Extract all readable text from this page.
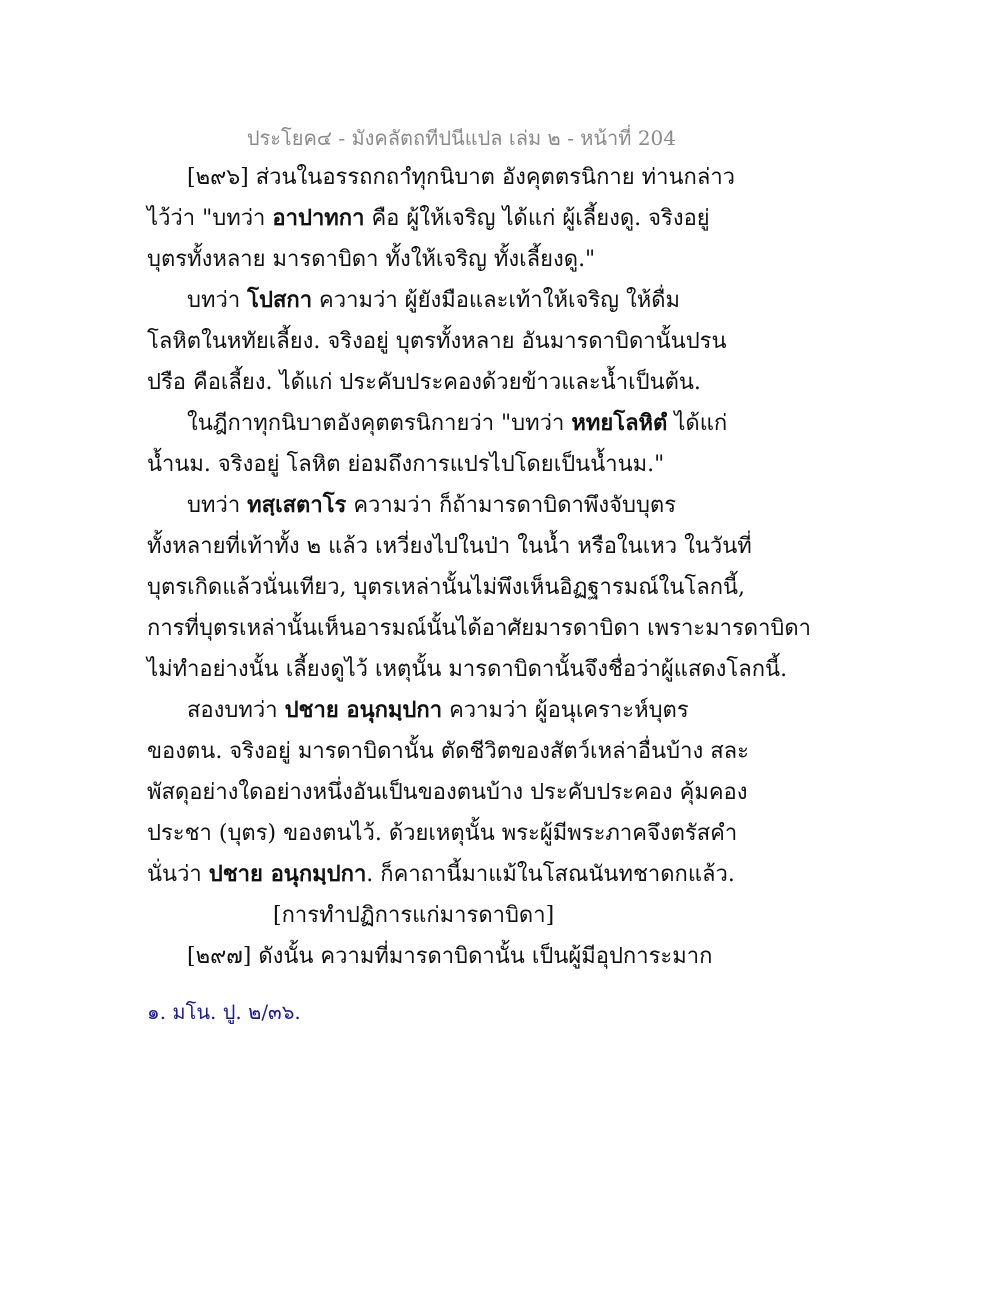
ประโยค๔ - มังคลัตถทีปนีแปล เล่ม ๒ - หน้าที่ 204
[๒๙๖] ส่วนในอรรถกถาํทุกนิบาต อังคุตตรนิกาย ท่านกล่าว
ไว้ว่า "บทว่า อาปาทกา คือ ผู้ให้เจริญ ได้แก่ ผู้เลี้ยงดู. จริงอยู่
บุตรทั้งหลาย มารดาบิดา ทั้งให้เจริญ ทั้งเลี้ยงดู."
บทว่า โปสกา ความว่า ผู้ยังมือและเท้าให้เจริญ ให้ดื่ม
โลหิตในหทัยเลี้ยง. จริงอยู่ บุตรทั้งหลาย อันมารดาบิดานั้นปรน
ปรือ คือเลี้ยง. ได้แก่ ประคับประคองด้วยข้าวและน้ำเป็นต้น.
ในฎีกาทุกนิบาตอังคุตตรนิกายว่า "บทว่า หทยโลหิตํ ได้แก่
น้ำนม. จริงอยู่ โลหิต ย่อมถึงการแปรไปโดยเป็นน้ำนม."
บทว่า ทสฺเสตาโร ความว่า ก็ถ้ามารดาบิดาพึงจับบุตร
ทั้งหลายที่เท้าทั้ง ๒ แล้ว เหวี่ยงไปในป่า ในน้ำ หรือในเหว ในวันที่
บุตรเกิดแล้วนั่นเทียว, บุตรเหล่านั้นไม่พึงเห็นอิฏฐารมณ์ในโลกนี้,
การที่บุตรเหล่านั้นเห็นอารมณ์นั้นได้อาศัยมารดาบิดา เพราะมารดาบิดา
ไม่ทำอย่างนั้น เลี้ยงดูไว้ เหตุนั้น มารดาบิดานั้นจึงชื่อว่าผู้แสดงโลกนี้.
สองบทว่า ปชาย อนุกมฺปกา ความว่า ผู้อนุเคราะห์บุตร
ของตน. จริงอยู่ มารดาบิดานั้น ตัดชีวิตของสัตว์เหล่าอื่นบ้าง สละ
พัสดุอย่างใดอย่างหนึ่งอันเป็นของตนบ้าง ประคับประคอง คุ้มคอง
ประชา (บุตร) ของตนไว้. ด้วยเหตุนั้น พระผู้มีพระภาคจึงตรัสคำ
นั่นว่า ปชาย อนุกมฺปกา. ก็คาถานี้มาแม้ในโสณนันทชาดกแล้ว.
[การทำปฏิการแก่มารดาบิดา]
[๒๙๗] ดังนั้น ความที่มารดาบิดานั้น เป็นผู้มีอุปการะมาก
๑. มโน. ปู. ๒/๓๖.
